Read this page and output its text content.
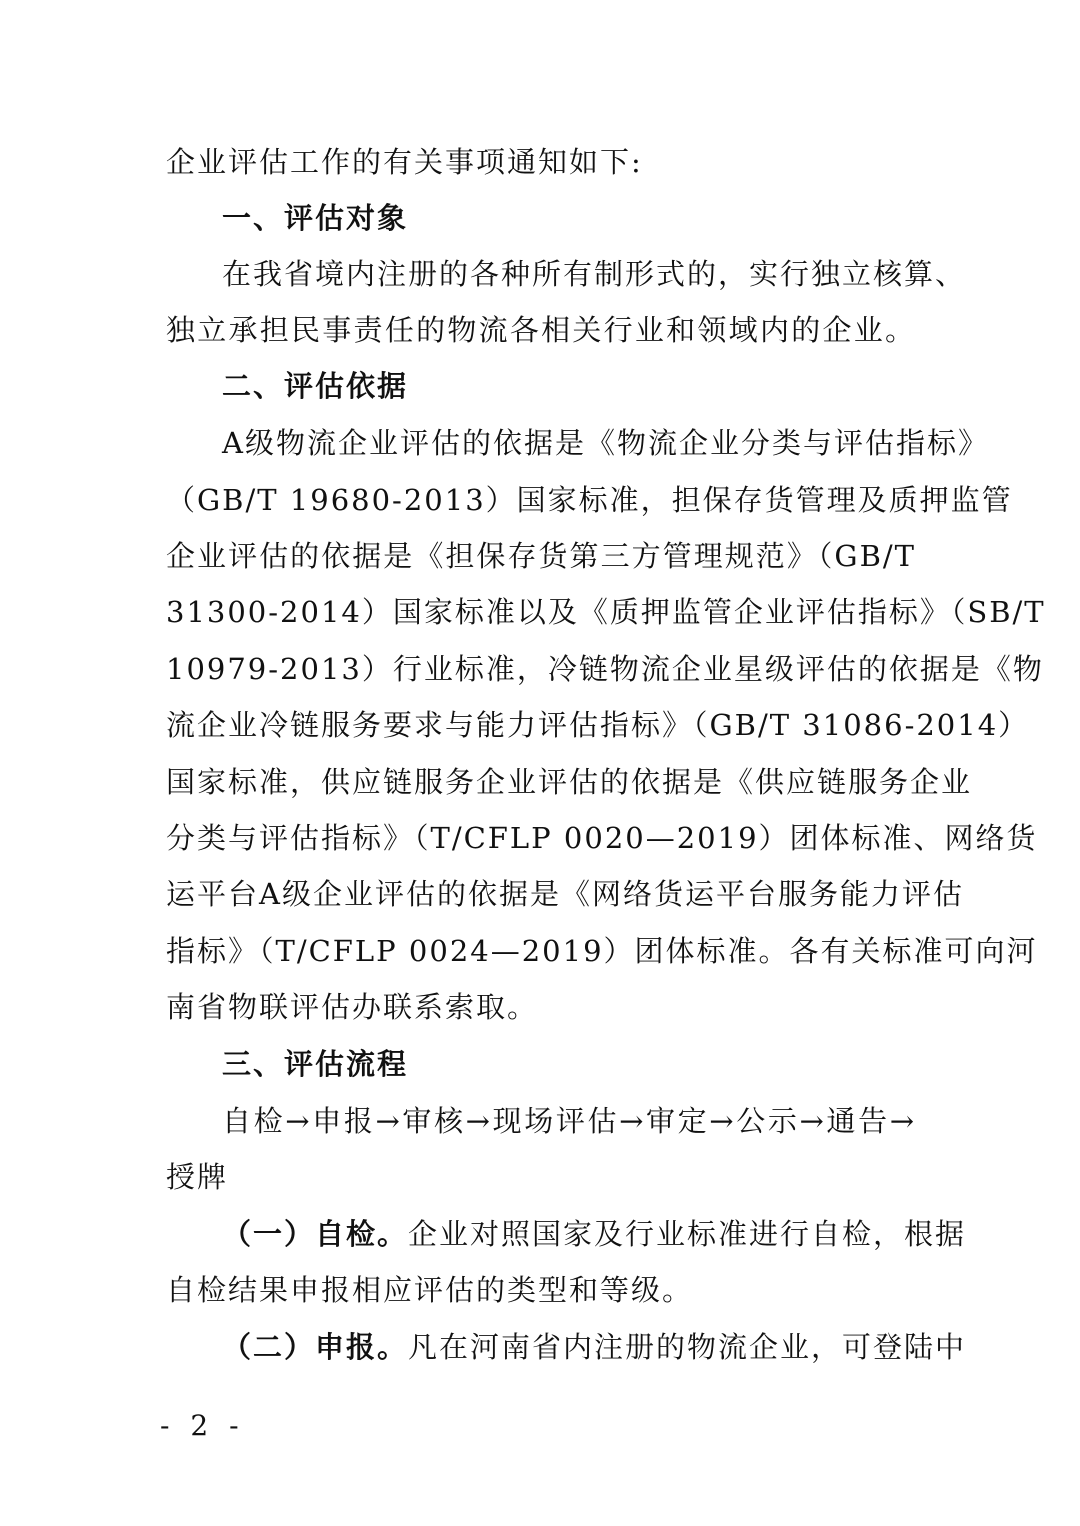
企业评估工作的有关事项通知如下:
一、评估对象
在我省境内注册的各种所有制形式的，实行独立核算、
独立承担民事责任的物流各相关行业和领域内的企业。
二、评估依据
A级物流企业评估的依据是《物流企业分类与评估指标》
（GB/T 19680-2013）国家标准，担保存货管理及质押监管
企业评估的依据是《担保存货第三方管理规范》（GB/T
31300-2014）国家标准以及《质押监管企业评估指标》（SB/T
10979-2013）行业标准，冷链物流企业星级评估的依据是《物
流企业冷链服务要求与能力评估指标》（GB/T 31086-2014）
国家标准，供应链服务企业评估的依据是《供应链服务企业
分类与评估指标》（T/CFLP 0020—2019）团体标准、网络货
运平台A级企业评估的依据是《网络货运平台服务能力评估
指标》（T/CFLP 0024—2019）团体标准。各有关标准可向河
南省物联评估办联系索取。
三、评估流程
自检→申报→审核→现场评估→审定→公示→通告→
授牌
（一）自检。企业对照国家及行业标准进行自检，根据
自检结果申报相应评估的类型和等级。
（二）申报。凡在河南省内注册的物流企业，可登陆中
- 2 -
